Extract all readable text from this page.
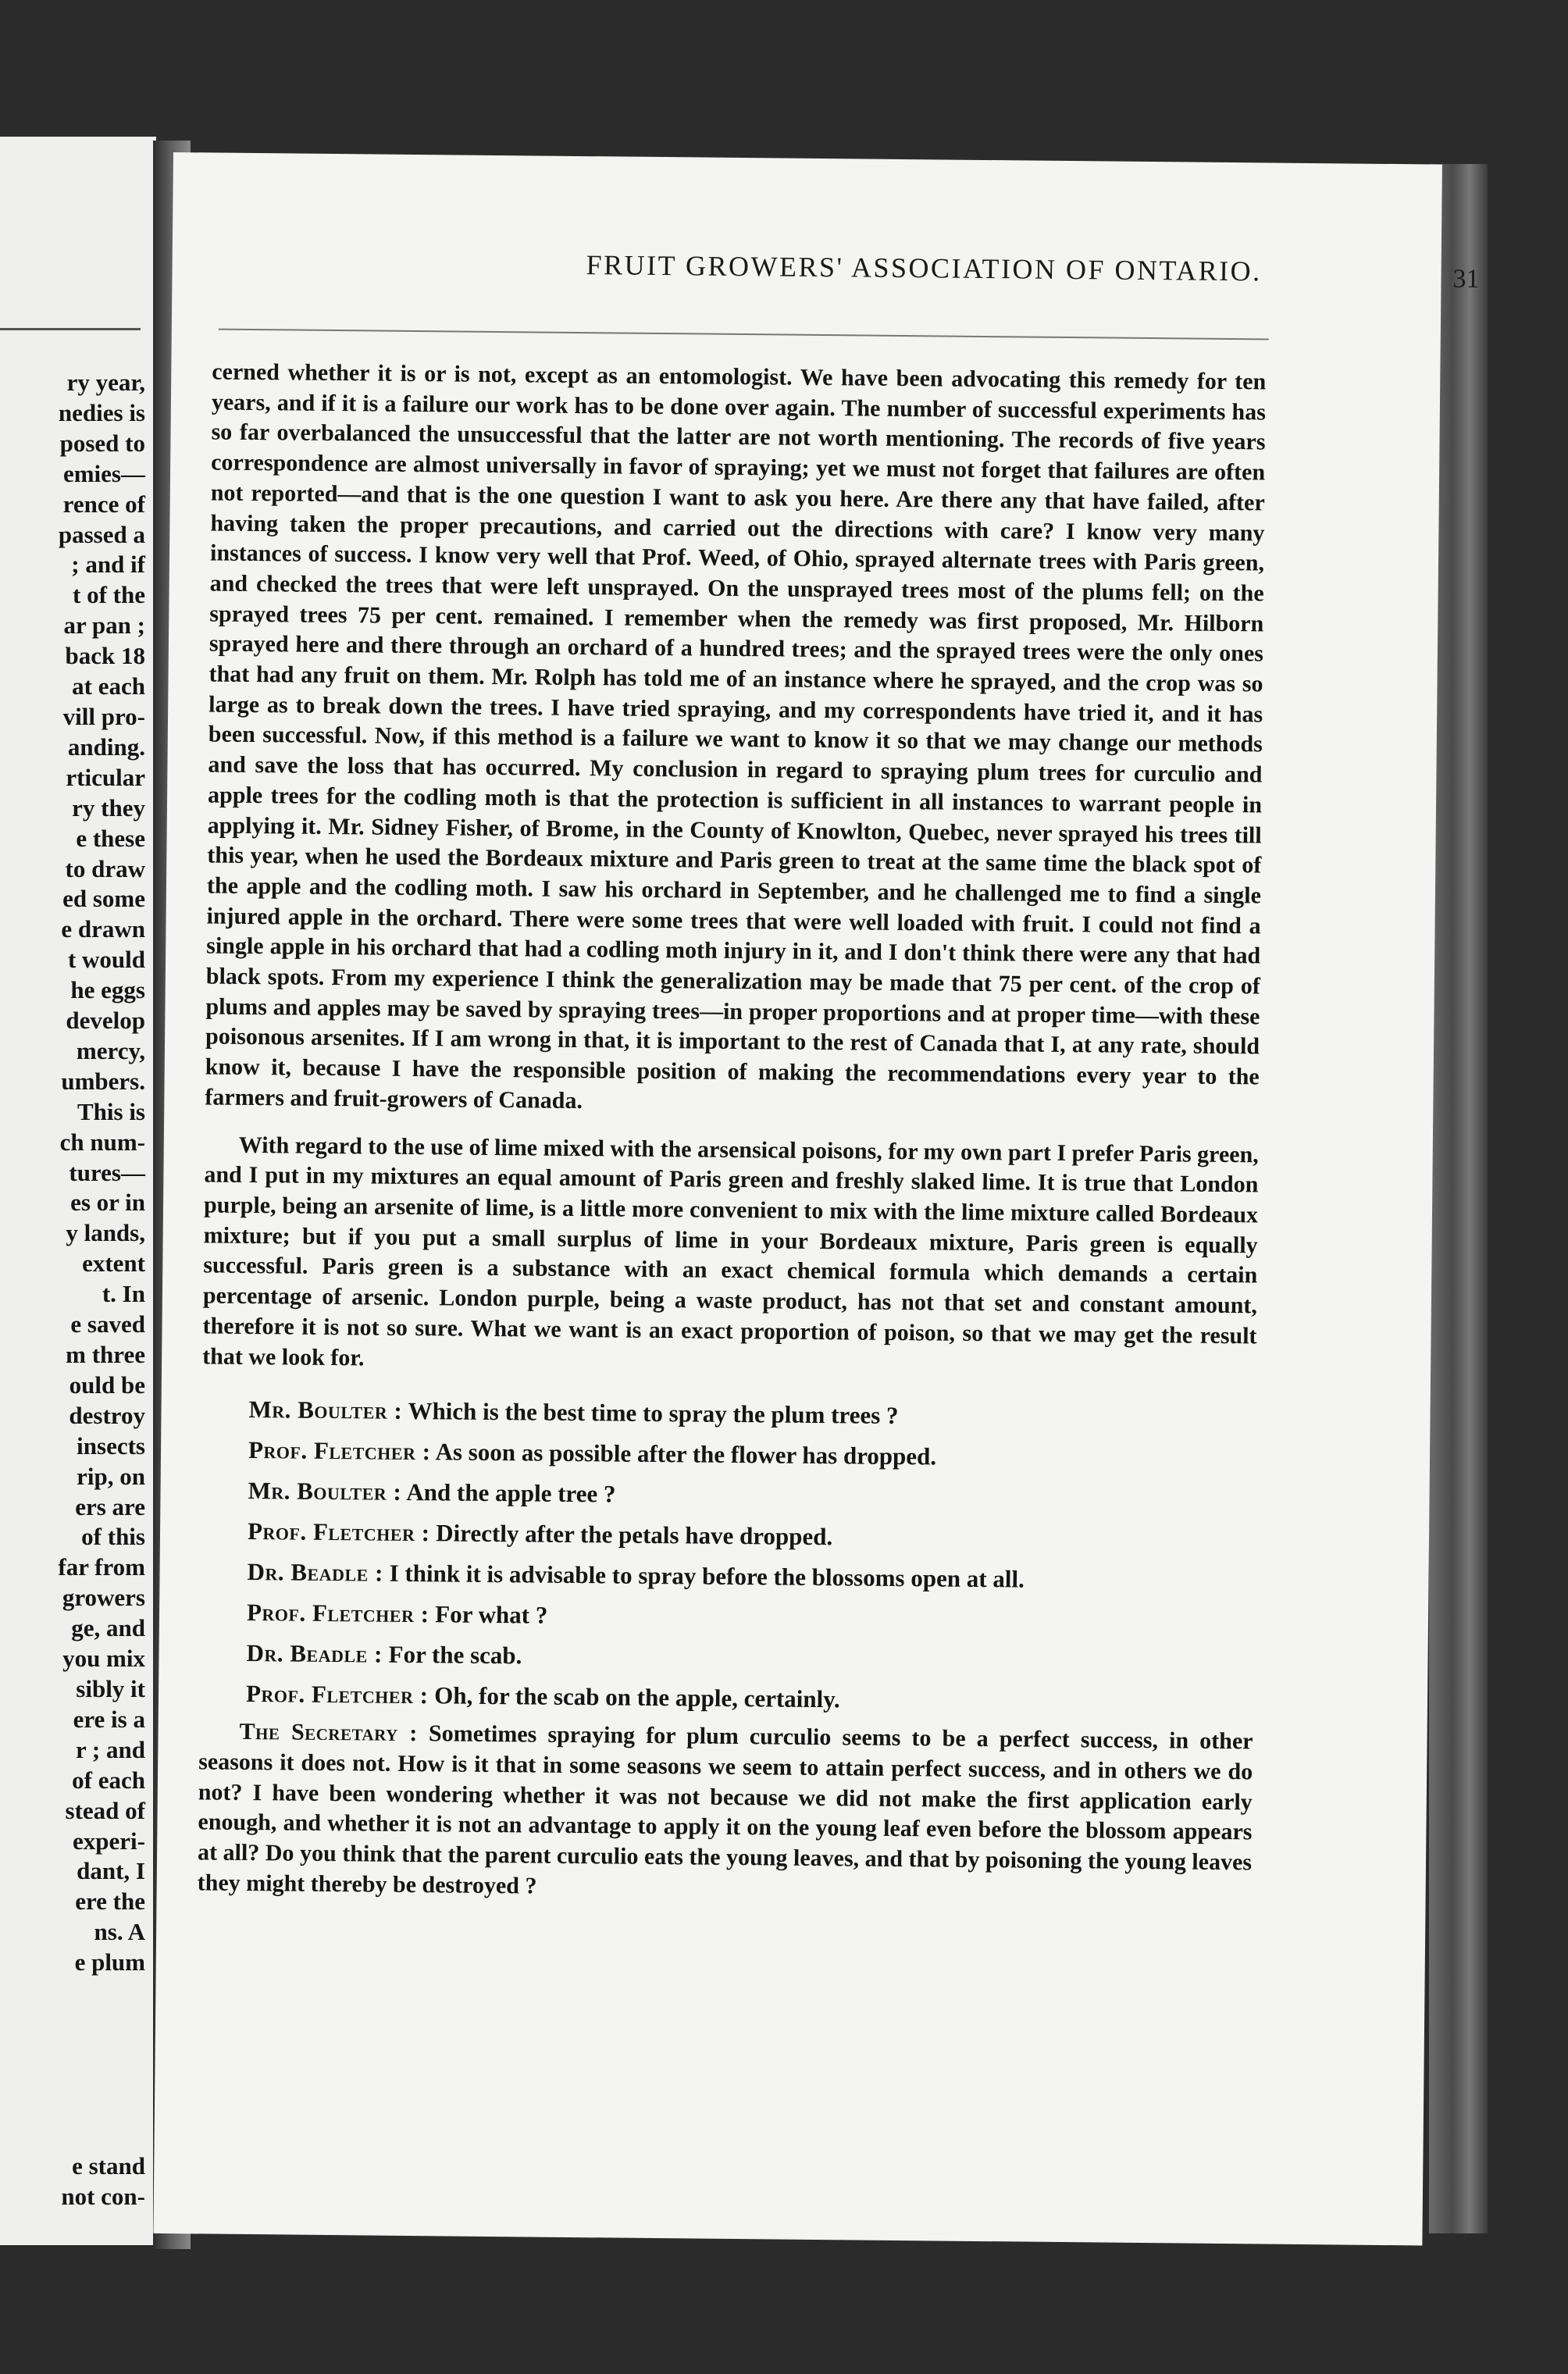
ry year,
nedies is
posed to
emies—
rence of
passed a
; and if
t of the
ar pan ;
back 18
at each
vill pro-
anding.
rticular
ry they
e these
to draw
ed some
e drawn
t would
he eggs
develop
mercy,
umbers.
This is
ch num-
tures—
es or in
y lands,
extent
t. In
e saved
m three
ould be
destroy
insects
rip, on
ers are
of this
far from
growers
ge, and
you mix
sibly it
ere is a
r ; and
of each
stead of
experi-
dant, I
ere the
ns. A
e plum
e stand
not con-
FRUIT GROWERS' ASSOCIATION OF ONTARIO.	31

cerned whether it is or is not, except as an entomologist. We have been advocating this remedy for ten years, and if it is a failure our work has to be done over again. The number of successful experiments has so far overbalanced the unsuccessful that the latter are not worth mentioning. The records of five years correspondence are almost universally in favor of spraying; yet we must not forget that failures are often not reported—and that is the one question I want to ask you here. Are there any that have failed, after having taken the proper precautions, and carried out the directions with care? I know very many instances of success. I know very well that Prof. Weed, of Ohio, sprayed alternate trees with Paris green, and checked the trees that were left unsprayed. On the unsprayed trees most of the plums fell; on the sprayed trees 75 per cent. remained. I remember when the remedy was first proposed, Mr. Hilborn sprayed here and there through an orchard of a hundred trees; and the sprayed trees were the only ones that had any fruit on them. Mr. Rolph has told me of an instance where he sprayed, and the crop was so large as to break down the trees. I have tried spraying, and my correspondents have tried it, and it has been successful. Now, if this method is a failure we want to know it so that we may change our methods and save the loss that has occurred. My conclusion in regard to spraying plum trees for curculio and apple trees for the codling moth is that the protection is sufficient in all instances to warrant people in applying it. Mr. Sidney Fisher, of Brome, in the County of Knowlton, Quebec, never sprayed his trees till this year, when he used the Bordeaux mixture and Paris green to treat at the same time the black spot of the apple and the codling moth. I saw his orchard in September, and he challenged me to find a single injured apple in the orchard. There were some trees that were well loaded with fruit. I could not find a single apple in his orchard that had a codling moth injury in it, and I don't think there were any that had black spots. From my experience I think the generalization may be made that 75 per cent. of the crop of plums and apples may be saved by spraying trees—in proper proportions and at proper time—with these poisonous arsenites. If I am wrong in that, it is important to the rest of Canada that I, at any rate, should know it, because I have the responsible position of making the recommendations every year to the farmers and fruit-growers of Canada.

With regard to the use of lime mixed with the arsensical poisons, for my own part I prefer Paris green, and I put in my mixtures an equal amount of Paris green and freshly slaked lime. It is true that London purple, being an arsenite of lime, is a little more convenient to mix with the lime mixture called Bordeaux mixture; but if you put a small surplus of lime in your Bordeaux mixture, Paris green is equally successful. Paris green is a substance with an exact chemical formula which demands a certain percentage of arsenic. London purple, being a waste product, has not that set and constant amount, therefore it is not so sure. What we want is an exact proportion of poison, so that we may get the result that we look for.

Mr. Boulter : Which is the best time to spray the plum trees ?
Prof. Fletcher : As soon as possible after the flower has dropped.
Mr. Boulter : And the apple tree ?
Prof. Fletcher : Directly after the petals have dropped.
Dr. Beadle : I think it is advisable to spray before the blossoms open at all.
Prof. Fletcher : For what ?
Dr. Beadle : For the scab.
Prof. Fletcher : Oh, for the scab on the apple, certainly.

The Secretary : Sometimes spraying for plum curculio seems to be a perfect success, in other seasons it does not. How is it that in some seasons we seem to attain perfect success, and in others we do not? I have been wondering whether it was not because we did not make the first application early enough, and whether it is not an advantage to apply it on the young leaf even before the blossom appears at all? Do you think that the parent curculio eats the young leaves, and that by poisoning the young leaves they might thereby be destroyed ?
